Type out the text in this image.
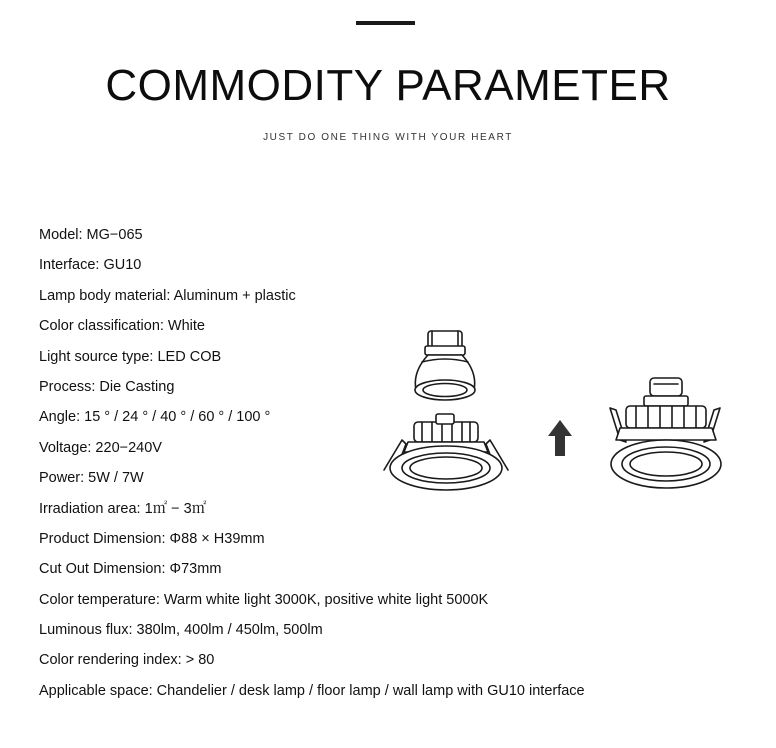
COMMODITY PARAMETER
JUST DO ONE THING WITH YOUR HEART
Model: MG−065
Interface: GU10
Lamp body material: Aluminum + plastic
Color classification: White
Light source type: LED COB
Process: Die Casting
Angle: 15 ° / 24 ° / 40 ° / 60 ° / 100 °
Voltage: 220−240V
Power: 5W / 7W
Irradiation area: 1㎡ − 3㎡
Product Dimension: Φ88 × H39mm
Cut Out Dimension: Φ73mm
Color temperature: Warm white light 3000K, positive white light 5000K
Luminous flux: 380lm, 400lm / 450lm, 500lm
Color rendering index: > 80
Applicable space: Chandelier / desk lamp / floor lamp / wall lamp with GU10 interface
